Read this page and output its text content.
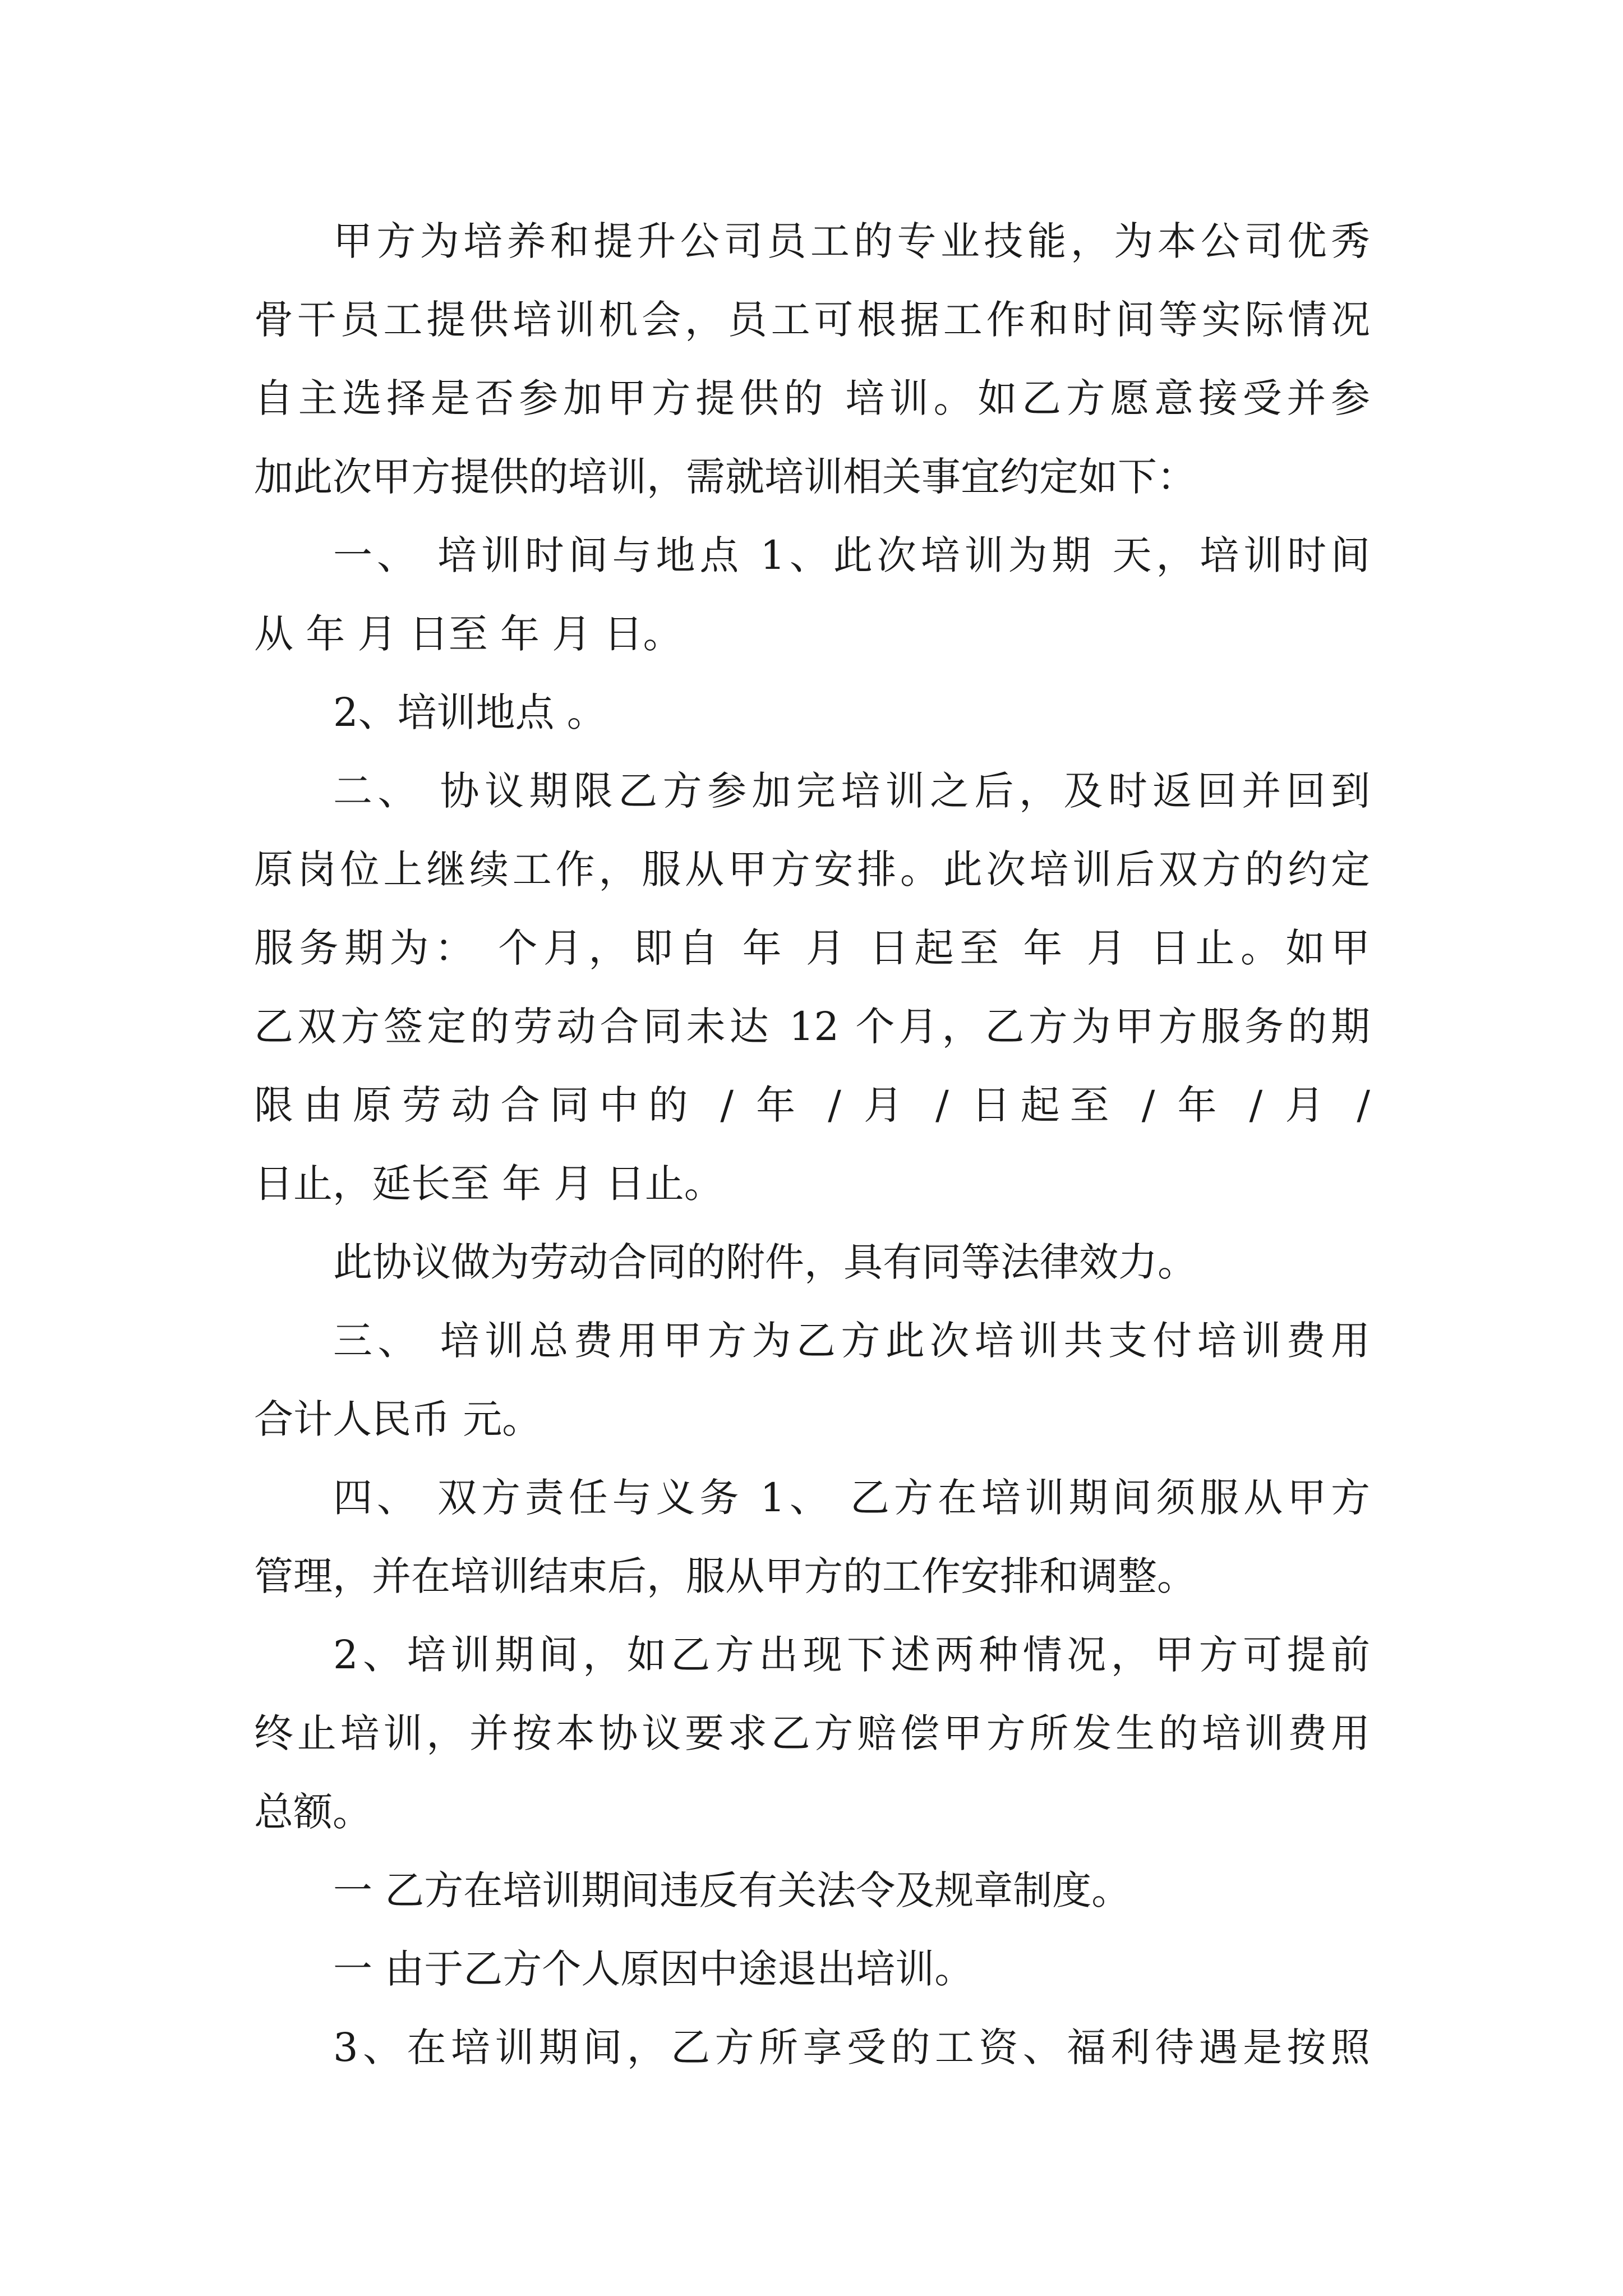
甲方为培养和提升公司员工的专业技能，为本公司优秀

骨干员工提供培训机会，员工可根据工作和时间等实际情况

自主选择是否参加甲方提供的 培训。如乙方愿意接受并参

加此次甲方提供的培训，需就培训相关事宜约定如下：

一、 培训时间与地点 1、此次培训为期 天，培训时间

从 年 月 日至 年 月 日。

2、培训地点 。

二、 协议期限乙方参加完培训之后，及时返回并回到

原岗位上继续工作，服从甲方安排。此次培训后双方的约定

服务期为： 个月，即自 年 月 日起至 年 月 日止。如甲

乙双方签定的劳动合同未达 12 个月，乙方为甲方服务的期

限由原劳动合同中的 / 年 / 月 / 日起至 / 年 / 月 /

日止，延长至 年 月 日止。

此协议做为劳动合同的附件，具有同等法律效力。

三、 培训总费用甲方为乙方此次培训共支付培训费用

合计人民币 元。

四、 双方责任与义务 1、 乙方在培训期间须服从甲方

管理，并在培训结束后，服从甲方的工作安排和调整。

2、培训期间，如乙方出现下述两种情况，甲方可提前

终止培训，并按本协议要求乙方赔偿甲方所发生的培训费用

总额。

一 乙方在培训期间违反有关法令及规章制度。

一 由于乙方个人原因中途退出培训。

3、在培训期间，乙方所享受的工资、福利待遇是按照
